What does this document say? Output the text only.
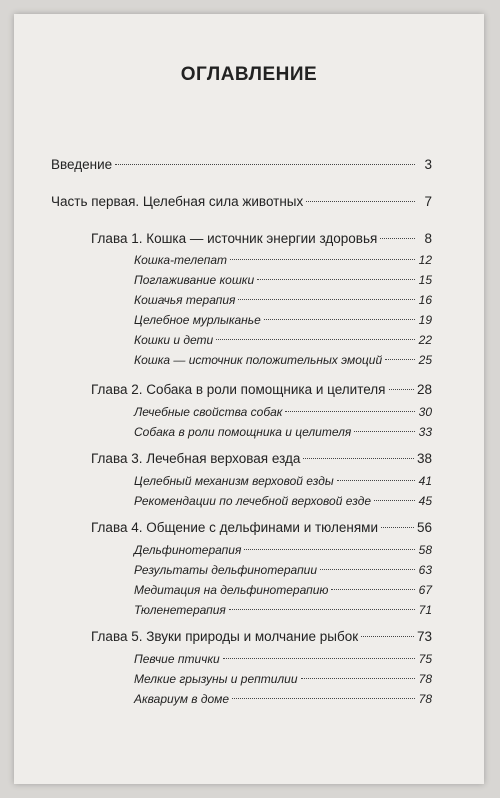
ОГЛАВЛЕНИЕ
Введение	3
Часть первая. Целебная сила животных	7
Глава 1. Кошка — источник энергии здоровья	8
Кошка-телепат	12
Поглаживание кошки	15
Кошачья терапия	16
Целебное мурлыканье	19
Кошки и дети	22
Кошка — источник положительных эмоций	25
Глава 2. Собака в роли помощника и целителя 28
Лечебные свойства собак	30
Собака в роли помощника и целителя	33
Глава 3. Лечебная верховая езда	38
Целебный механизм верховой езды	41
Рекомендации по лечебной верховой езде	45
Глава 4. Общение с дельфинами и тюленями	56
Дельфинотерапия	58
Результаты дельфинотерапии	63
Медитация на дельфинотерапию	67
Тюленетерапия	71
Глава 5. Звуки природы и молчание рыбок	73
Певчие птички	75
Мелкие грызуны и рептилии	78
Аквариум в доме	78
